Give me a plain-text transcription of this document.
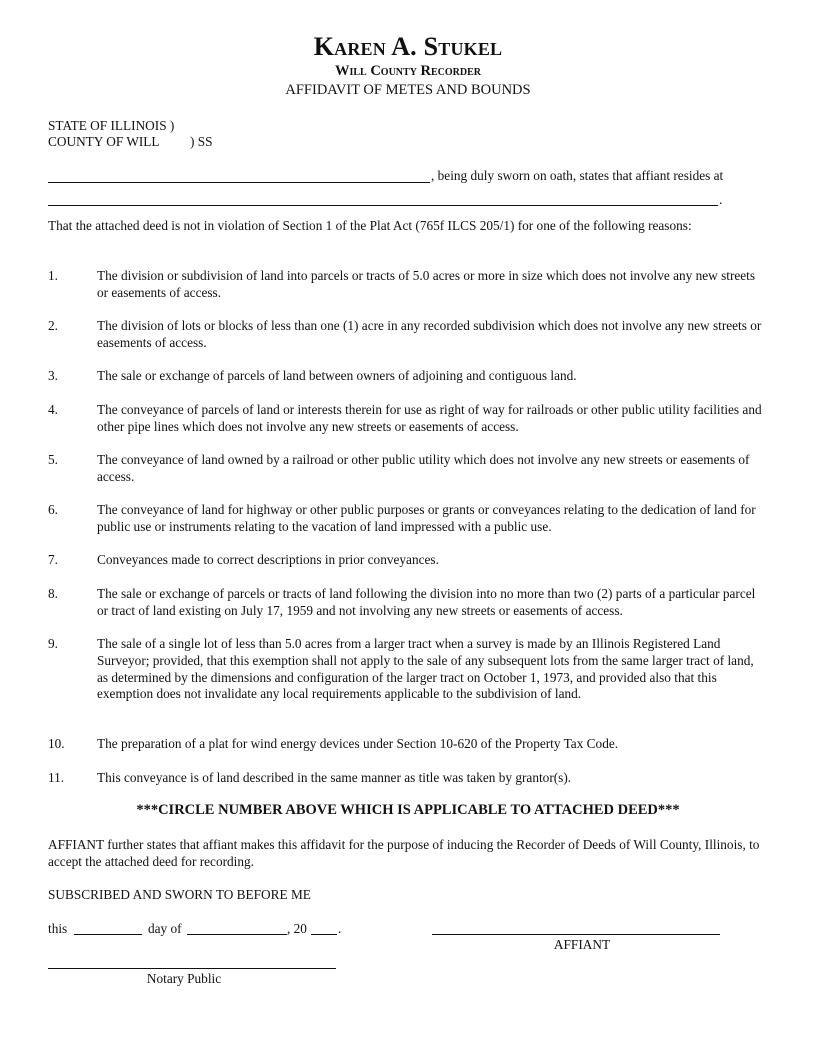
Karen A. Stukel
Will County Recorder
AFFIDAVIT OF METES AND BOUNDS
STATE OF ILLINOIS )
COUNTY OF WILL ) SS
, being duly sworn on oath, states that affiant resides at
.
That the attached deed is not in violation of Section 1 of the Plat Act (765f ILCS 205/1) for one of the following reasons:
1.	The division or subdivision of land into parcels or tracts of 5.0 acres or more in size which does not involve any new streets or easements of access.
2.	The division of lots or blocks of less than one (1) acre in any recorded subdivision which does not involve any new streets or easements of access.
3.	The sale or exchange of parcels of land between owners of adjoining and contiguous land.
4.	The conveyance of parcels of land or interests therein for use as right of way for railroads or other public utility facilities and other pipe lines which does not involve any new streets or easements of access.
5.	The conveyance of land owned by a railroad or other public utility which does not involve any new streets or easements of access.
6.	The conveyance of land for highway or other public purposes or grants or conveyances relating to the dedication of land for public use or instruments relating to the vacation of land impressed with a public use.
7.	Conveyances made to correct descriptions in prior conveyances.
8.	The sale or exchange of parcels or tracts of land following the division into no more than two (2) parts of a particular parcel or tract of land existing on July 17, 1959 and not involving any new streets or easements of access.
9.	The sale of a single lot of less than 5.0 acres from a larger tract when a survey is made by an Illinois Registered Land Surveyor; provided, that this exemption shall not apply to the sale of any subsequent lots from the same larger tract of land, as determined by the dimensions and configuration of the larger tract on October 1, 1973, and provided also that this exemption does not invalidate any local requirements applicable to the subdivision of land.
10. The preparation of a plat for wind energy devices under Section 10-620 of the Property Tax Code.
11. This conveyance is of land described in the same manner as title was taken by grantor(s).
***CIRCLE NUMBER ABOVE WHICH IS APPLICABLE TO ATTACHED DEED***
AFFIANT further states that affiant makes this affidavit for the purpose of inducing the Recorder of Deeds of Will County, Illinois, to accept the attached deed for recording.
SUBSCRIBED AND SWORN TO BEFORE ME
this	day of	, 20 .
AFFIANT
Notary Public
